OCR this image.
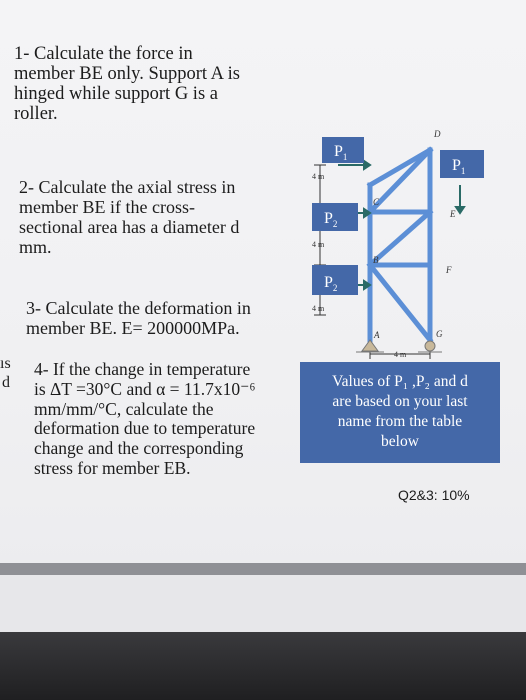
1- Calculate the force in
member BE only. Support A is
hinged while support G is a
roller.
2- Calculate the axial stress in
member BE if the cross-
sectional area has a diameter d
mm.
3- Calculate the deformation in
member BE. E= 200000MPa.
4- If the change in temperature
is ΔT =30°C and α = 11.7x10⁻⁶
mm/mm/°C, calculate the
deformation due to temperature
change and the corresponding
stress for member EB.
ıs
d
$P_1$	$P_1$
$P_2$
$P_2$
4 m
4 m
4 m
4 m
A
B
C
D
E
F
G
Values of P₁ ,P₂ and d
are based on your last
name from the table
below
Q2&3: 10%
